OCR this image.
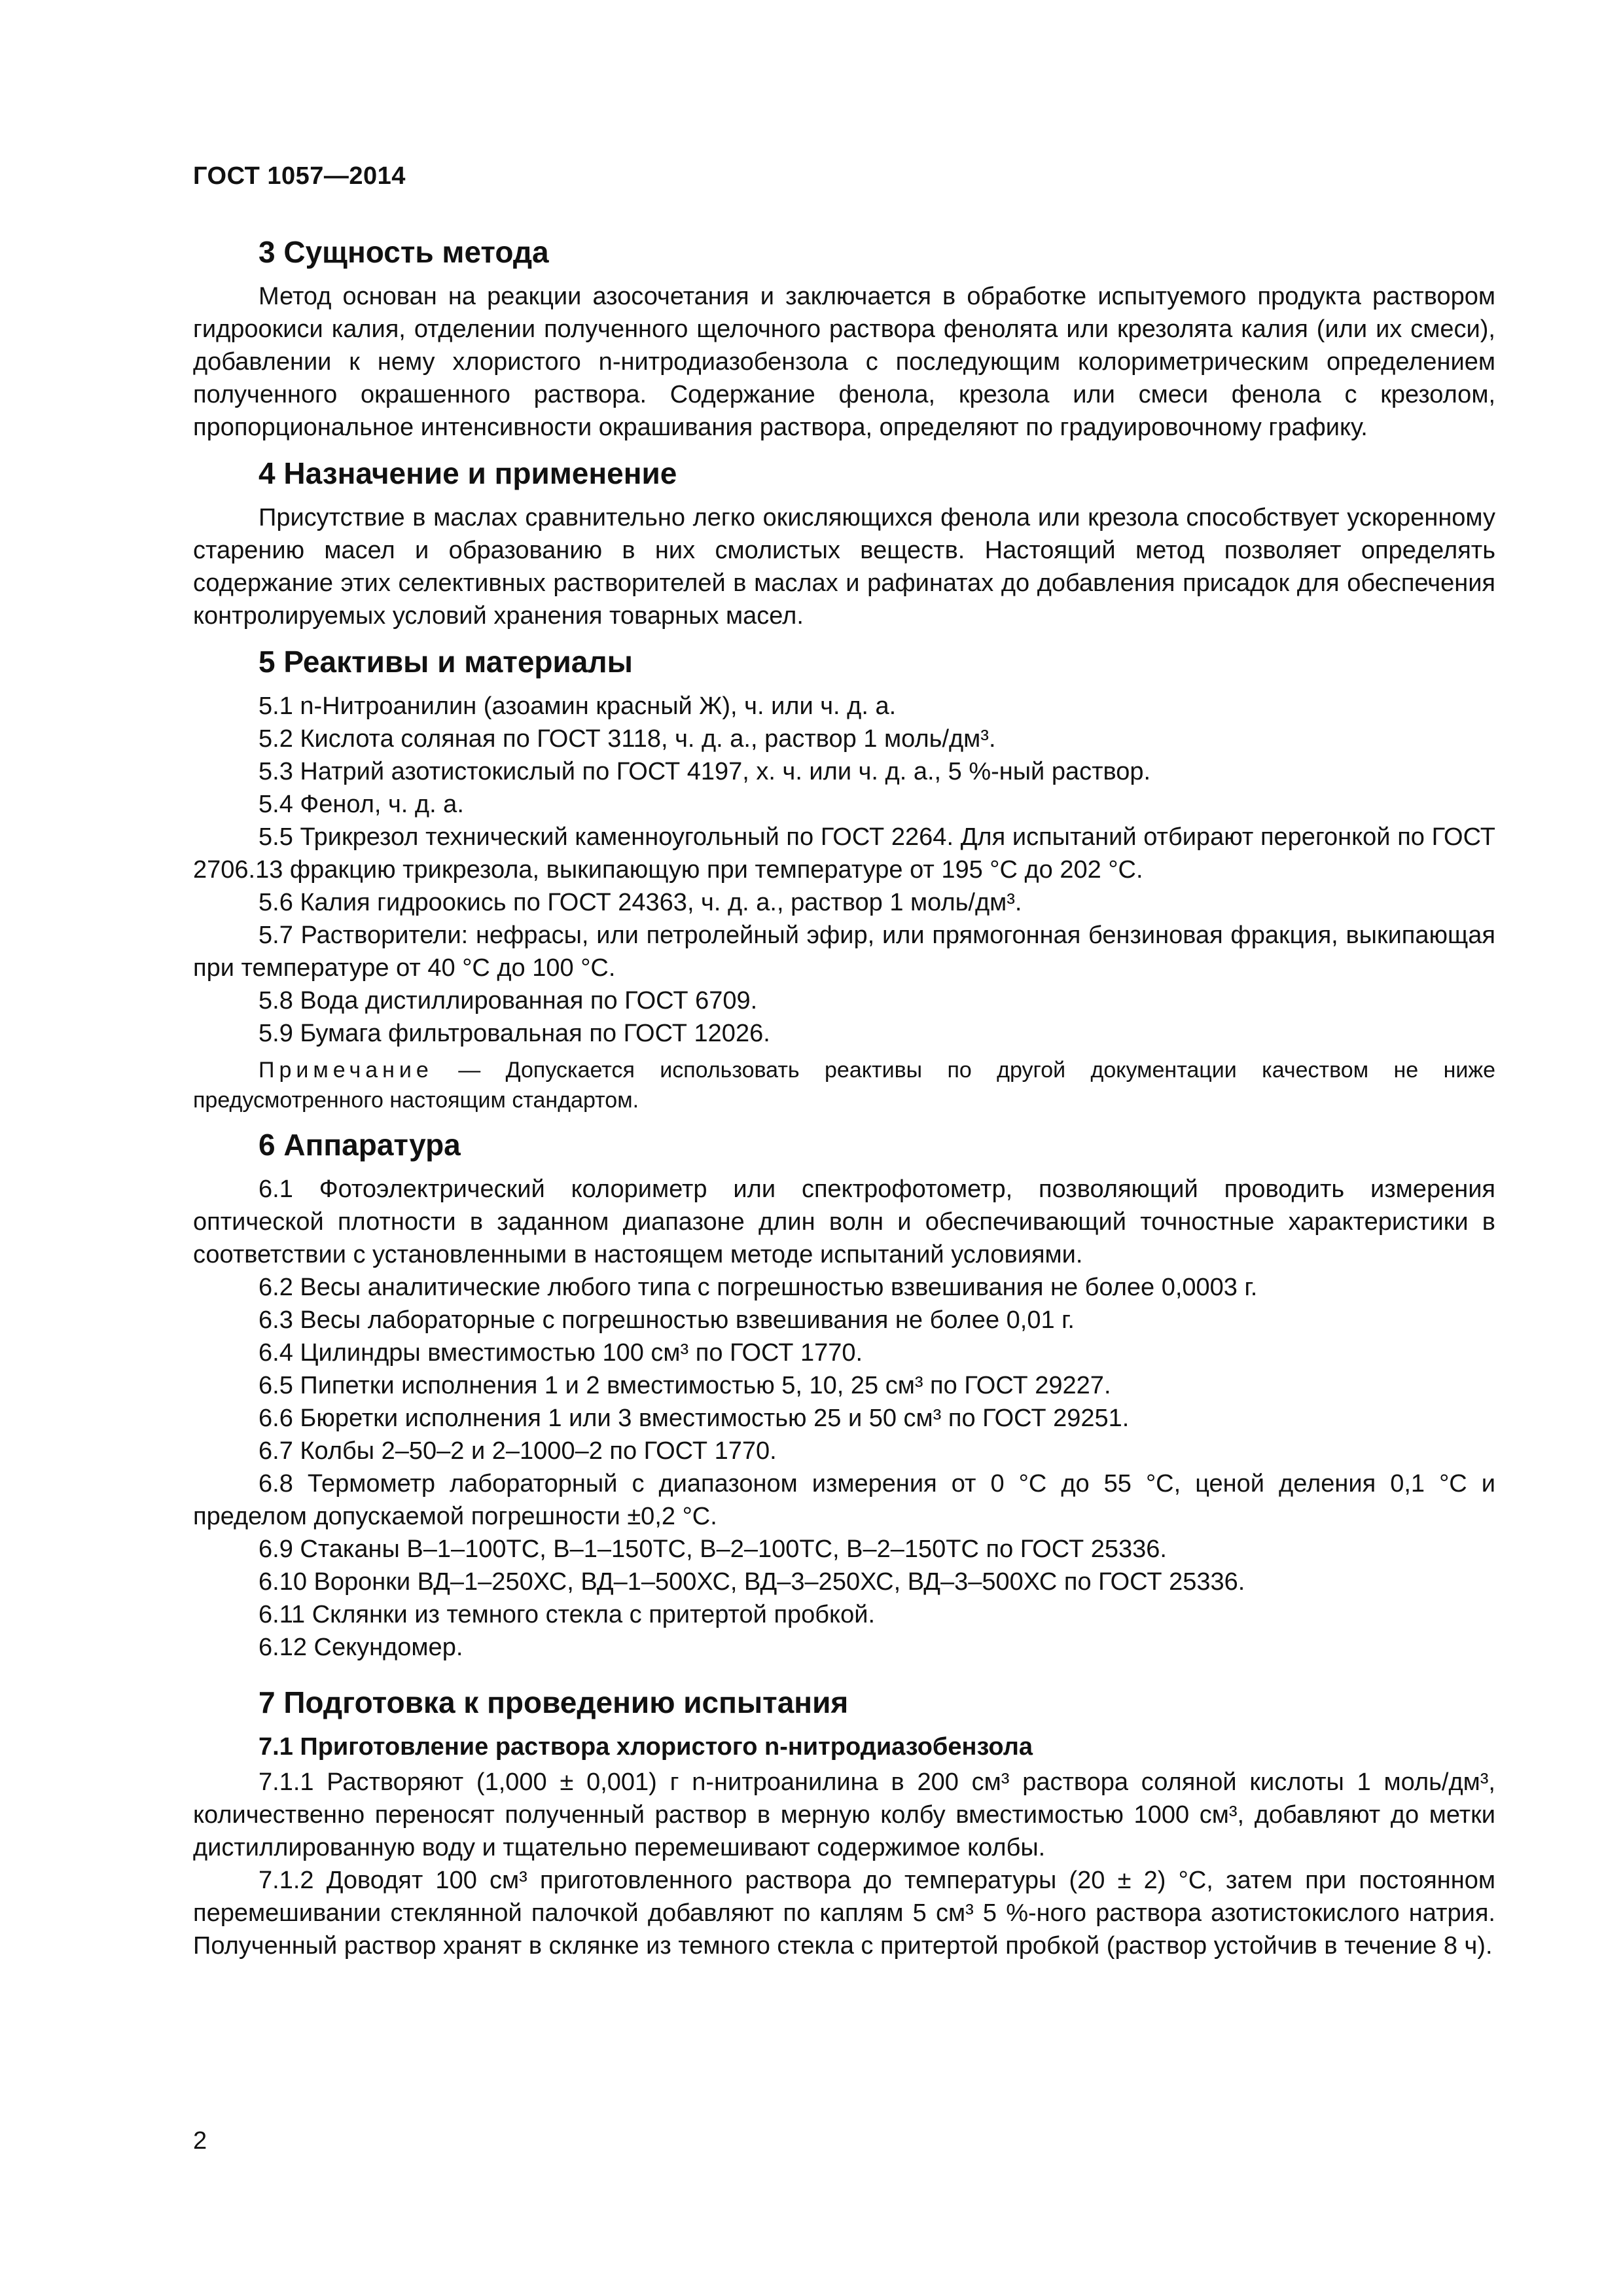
ГОСТ 1057—2014
3 Сущность метода

Метод основан на реакции азосочетания и заключается в обработке испытуемого продукта раствором гидроокиси калия, отделении полученного щелочного раствора фенолята или крезолята калия (или их смеси), добавлении к нему хлористого n-нитродиазобензола с последующим колориметрическим определением полученного окрашенного раствора. Содержание фенола, крезола или смеси фенола с крезолом, пропорциональное интенсивности окрашивания раствора, определяют по градуировочному графику.

4 Назначение и применение

Присутствие в маслах сравнительно легко окисляющихся фенола или крезола способствует ускоренному старению масел и образованию в них смолистых веществ. Настоящий метод позволяет определять содержание этих селективных растворителей в маслах и рафинатах до добавления присадок для обеспечения контролируемых условий хранения товарных масел.

5 Реактивы и материалы

5.1 n-Нитроанилин (азоамин красный Ж), ч. или ч. д. а.

5.2 Кислота соляная по ГОСТ 3118, ч. д. а., раствор 1 моль/дм³.

5.3 Натрий азотистокислый по ГОСТ 4197, х. ч. или ч. д. а., 5 %-ный раствор.

5.4 Фенол, ч. д. а.

5.5 Трикрезол технический каменноугольный по ГОСТ 2264. Для испытаний отбирают перегонкой по ГОСТ 2706.13 фракцию трикрезола, выкипающую при температуре от 195 °С до 202 °С.

5.6 Калия гидроокись по ГОСТ 24363, ч. д. а., раствор 1 моль/дм³.

5.7 Растворители: нефрасы, или петролейный эфир, или прямогонная бензиновая фракция, выкипающая при температуре от 40 °С до 100 °С.

5.8 Вода дистиллированная по ГОСТ 6709.

5.9 Бумага фильтровальная по ГОСТ 12026.

Примечание — Допускается использовать реактивы по другой документации качеством не ниже предусмотренного настоящим стандартом.

6 Аппаратура

6.1 Фотоэлектрический колориметр или спектрофотометр, позволяющий проводить измерения оптической плотности в заданном диапазоне длин волн и обеспечивающий точностные характеристики в соответствии с установленными в настоящем методе испытаний условиями.

6.2 Весы аналитические любого типа с погрешностью взвешивания не более 0,0003 г.

6.3 Весы лабораторные с погрешностью взвешивания не более 0,01 г.

6.4 Цилиндры вместимостью 100 см³ по ГОСТ 1770.

6.5 Пипетки исполнения 1 и 2 вместимостью 5, 10, 25 см³ по ГОСТ 29227.

6.6 Бюретки исполнения 1 или 3 вместимостью 25 и 50 см³ по ГОСТ 29251.

6.7 Колбы 2–50–2 и 2–1000–2 по ГОСТ 1770.

6.8 Термометр лабораторный с диапазоном измерения от 0 °С до 55 °С, ценой деления 0,1 °С и пределом допускаемой погрешности ±0,2 °С.

6.9 Стаканы В–1–100ТС, В–1–150ТС, В–2–100ТС, В–2–150ТС по ГОСТ 25336.

6.10 Воронки ВД–1–250ХС, ВД–1–500ХС, ВД–3–250ХС, ВД–3–500ХС по ГОСТ 25336.

6.11 Склянки из темного стекла с притертой пробкой.

6.12 Секундомер.

7 Подготовка к проведению испытания
7.1 Приготовление раствора хлористого n-нитродиазобензола

7.1.1 Растворяют (1,000 ± 0,001) г n-нитроанилина в 200 см³ раствора соляной кислоты 1 моль/дм³, количественно переносят полученный раствор в мерную колбу вместимостью 1000 см³, добавляют до метки дистиллированную воду и тщательно перемешивают содержимое колбы.

7.1.2 Доводят 100 см³ приготовленного раствора до температуры (20 ± 2) °С, затем при постоянном перемешивании стеклянной палочкой добавляют по каплям 5 см³ 5 %-ного раствора азотистокислого натрия. Полученный раствор хранят в склянке из темного стекла с притертой пробкой (раствор устойчив в течение 8 ч).

2
